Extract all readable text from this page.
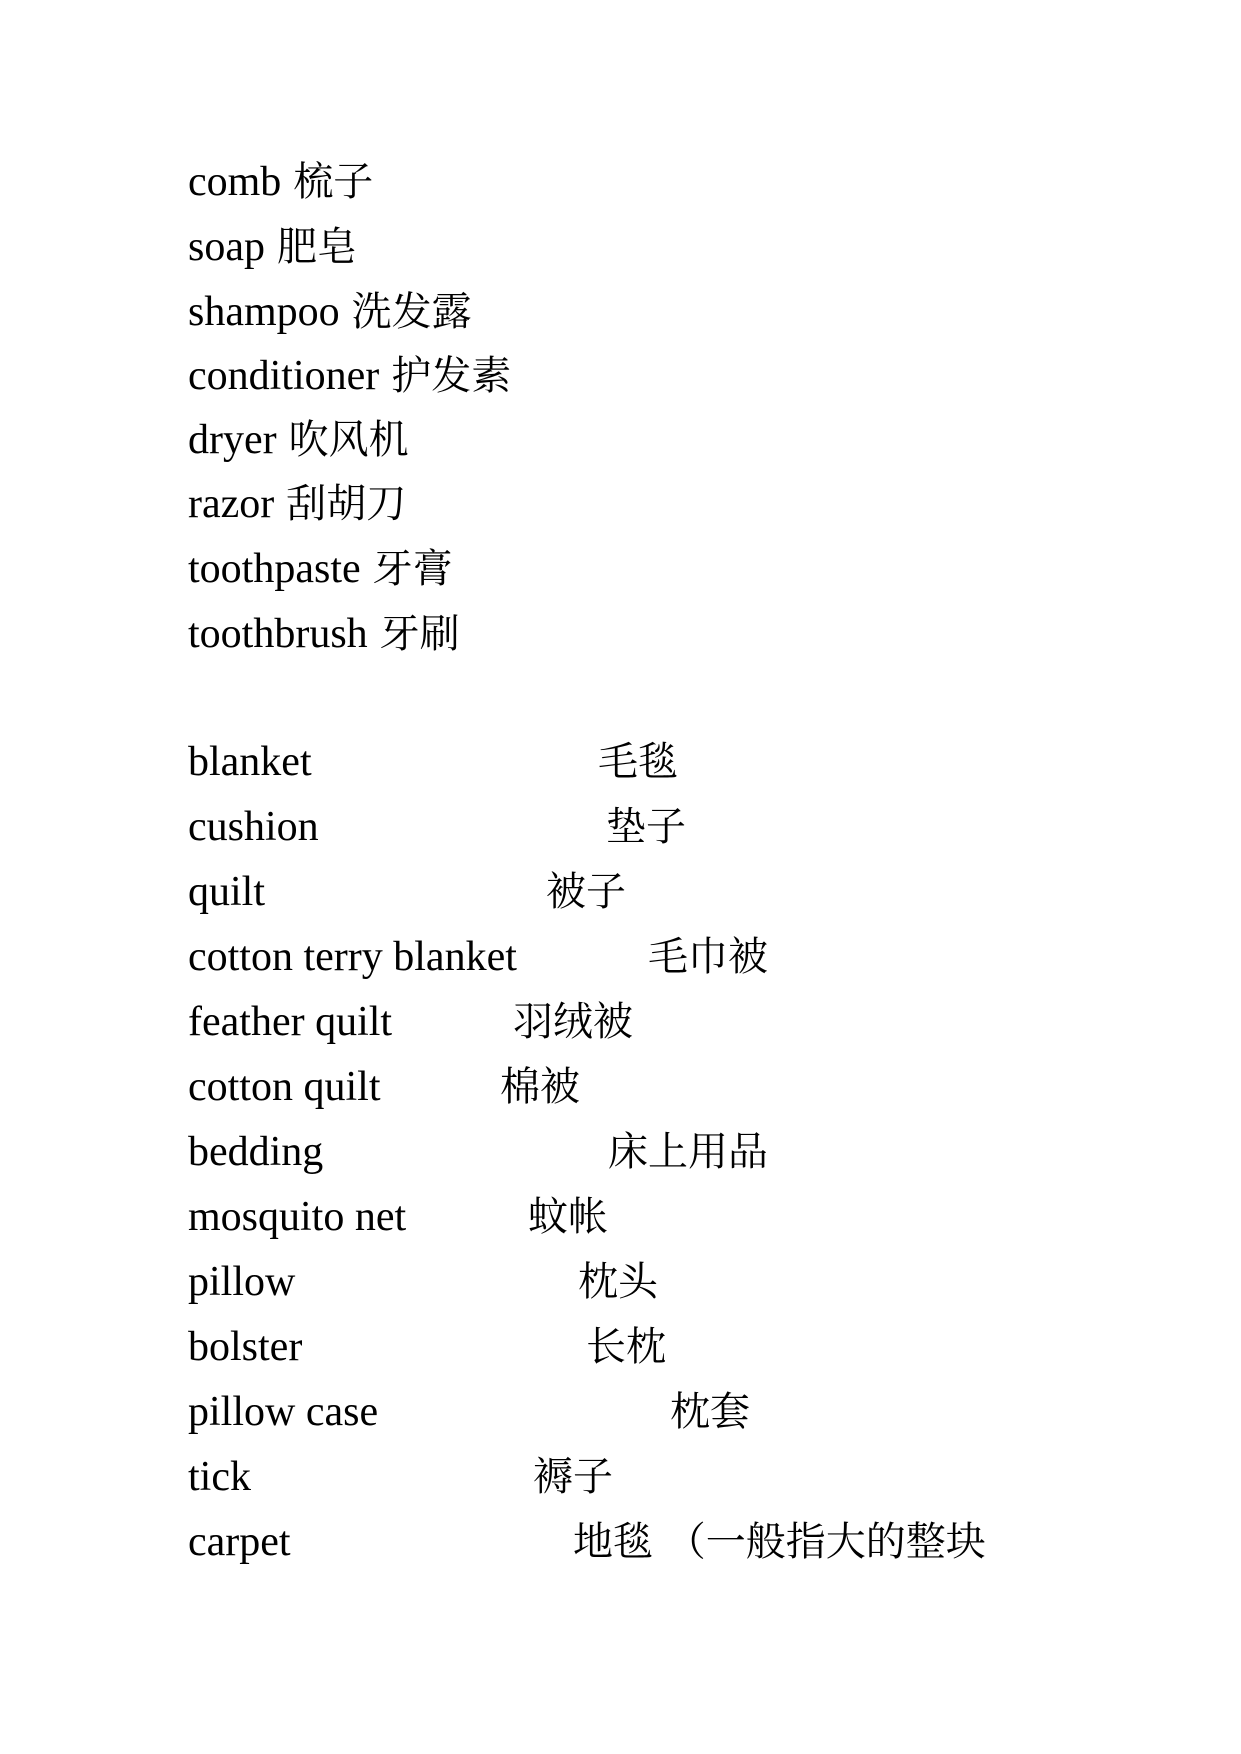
comb 梳子
soap 肥皂
shampoo 洗发露
conditioner 护发素
dryer 吹风机
razor 刮胡刀
toothpaste 牙膏
toothbrush 牙刷
blanket	毛毯
cushion	垫子
quilt	被子
cotton terry blanket	毛巾被
feather quilt	羽绒被
cotton quilt	棉被
bedding	床上用品
mosquito net	蚊帐
pillow	枕头
bolster	长枕
pillow case	枕套
tick	褥子
carpet	地毯 （一般指大的整块
